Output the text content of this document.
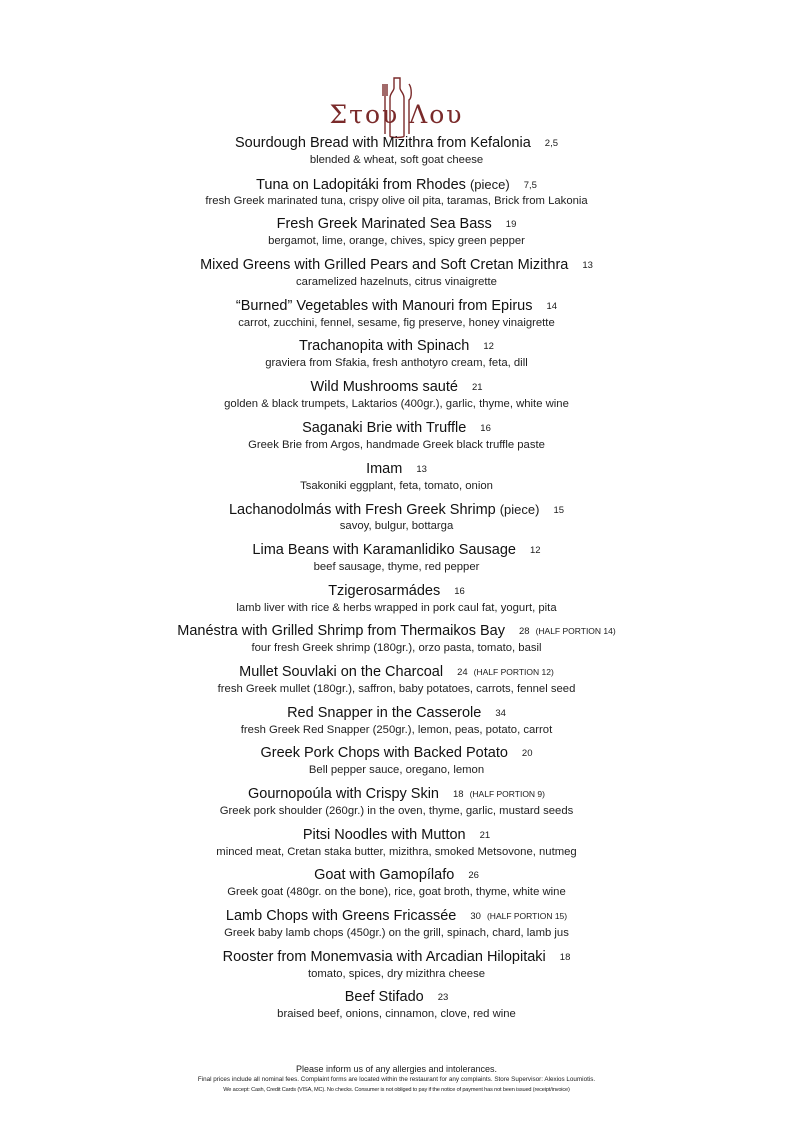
Στου Λου
Sourdough Bread with Mizithra from Kefalonia 2,5
blended & wheat, soft goat cheese
Tuna on Ladopitáki from Rhodes (piece) 7,5
fresh Greek marinated tuna, crispy olive oil pita, taramas, Brick from Lakonia
Fresh Greek Marinated Sea Bass 19
bergamot, lime, orange, chives, spicy green pepper
Mixed Greens with Grilled Pears and Soft Cretan Mizithra 13
caramelized hazelnuts, citrus vinaigrette
“Burned” Vegetables with Manouri from Epirus 14
carrot, zucchini, fennel, sesame, fig preserve, honey vinaigrette
Trachanopita with Spinach 12
graviera from Sfakia, fresh anthotyro cream, feta, dill
Wild Mushrooms sauté 21
golden & black trumpets, Laktarios (400gr.), garlic, thyme, white wine
Saganaki Brie with Truffle 16
Greek Brie from Argos, handmade Greek black truffle paste
Imam 13
Tsakoniki eggplant, feta, tomato, onion
Lachanodolmás with Fresh Greek Shrimp (piece) 15
savoy, bulgur, bottarga
Lima Beans with Karamanlidiko Sausage 12
beef sausage, thyme, red pepper
Tzigerosarmádes 16
lamb liver with rice & herbs wrapped in pork caul fat, yogurt, pita
Manéstra with Grilled Shrimp from Thermaikos Bay 28 (HALF PORTION 14)
four fresh Greek shrimp (180gr.), orzo pasta, tomato, basil
Mullet Souvlaki on the Charcoal 24 (HALF PORTION 12)
fresh Greek mullet (180gr.), saffron, baby potatoes, carrots, fennel seed
Red Snapper in the Casserole 34
fresh Greek Red Snapper (250gr.), lemon, peas, potato, carrot
Greek Pork Chops with Backed Potato 20
Bell pepper sauce, oregano, lemon
Gournopoúla with Crispy Skin 18 (HALF PORTION 9)
Greek pork shoulder (260gr.) in the oven, thyme, garlic, mustard seeds
Pitsi Noodles with Mutton 21
minced meat, Cretan staka butter, mizithra, smoked Metsovone, nutmeg
Goat with Gamopílafo 26
Greek goat (480gr. on the bone), rice, goat broth, thyme, white wine
Lamb Chops with Greens Fricassée 30 (HALF PORTION 15)
Greek baby lamb chops (450gr.) on the grill, spinach, chard, lamb jus
Rooster from Monemvasia with Arcadian Hilopitaki 18
tomato, spices, dry mizithra cheese
Beef Stifado 23
braised beef, onions, cinnamon, clove, red wine
Please inform us of any allergies and intolerances.
Final prices include all nominal fees. Complaint forms are located within the restaurant for any complaints. Store Supervisor: Alexios Loumiotis.
We accept: Cash, Credit Cards (VISA, MC). No checks. Consumer is not obliged to pay if the notice of payment has not been issued (receipt/invoice)
